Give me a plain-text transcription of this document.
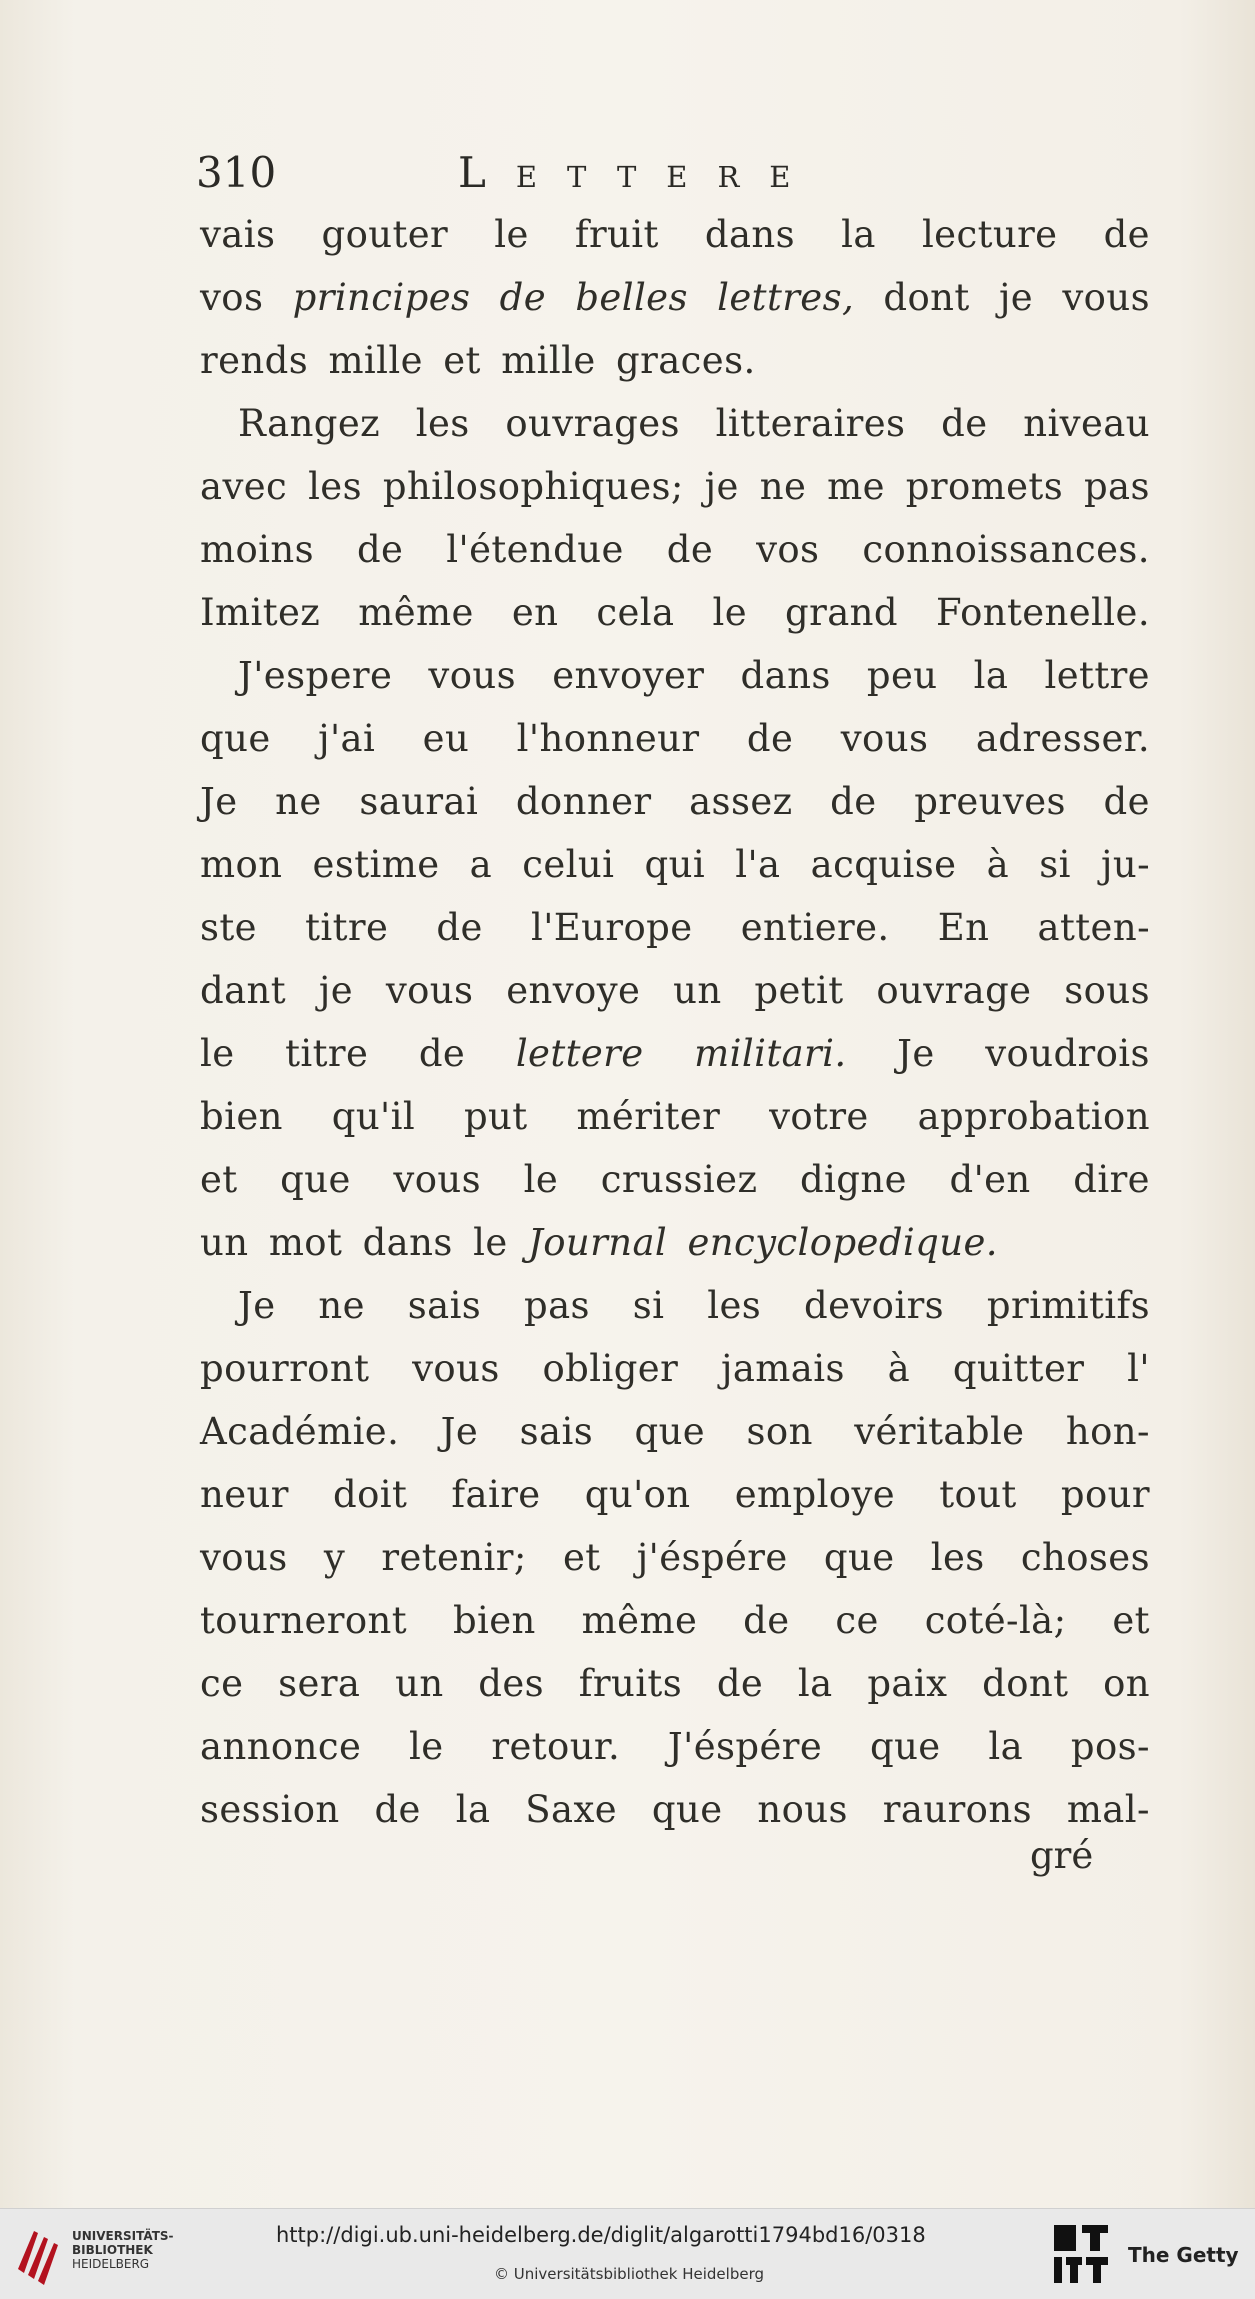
310	Lettere
vais gouter le fruit dans la lecture de
vos principes de belles lettres, dont je vous
rends mille et mille graces.
Rangez les ouvrages litteraires de niveau
avec les philosophiques; je ne me promets pas
moins de l'étendue de vos connoissances.
Imitez même en cela le grand Fontenelle.
J'espere vous envoyer dans peu la lettre
que j'ai eu l'honneur de vous adresser.
Je ne saurai donner assez de preuves de
mon estime a celui qui l'a acquise à si ju-
ste titre de l'Europe entiere. En atten-
dant je vous envoye un petit ouvrage sous
le titre de lettere militari. Je voudrois
bien qu'il put mériter votre approbation
et que vous le crussiez digne d'en dire
un mot dans le Journal encyclopedique.
Je ne sais pas si les devoirs primitifs
pourront vous obliger jamais à quitter l'
Académie. Je sais que son véritable hon-
neur doit faire qu'on employe tout pour
vous y retenir; et j'éspére que les choses
tourneront bien même de ce coté-là; et
ce sera un des fruits de la paix dont on
annonce le retour. J'éspére que la pos-
session de la Saxe que nous raurons mal-
gré
UNIVERSITÄTS-
BIBLIOTHEK
HEIDELBERG
http://digi.ub.uni-heidelberg.de/diglit/algarotti1794bd16/0318
© Universitätsbibliothek Heidelberg
The Getty
